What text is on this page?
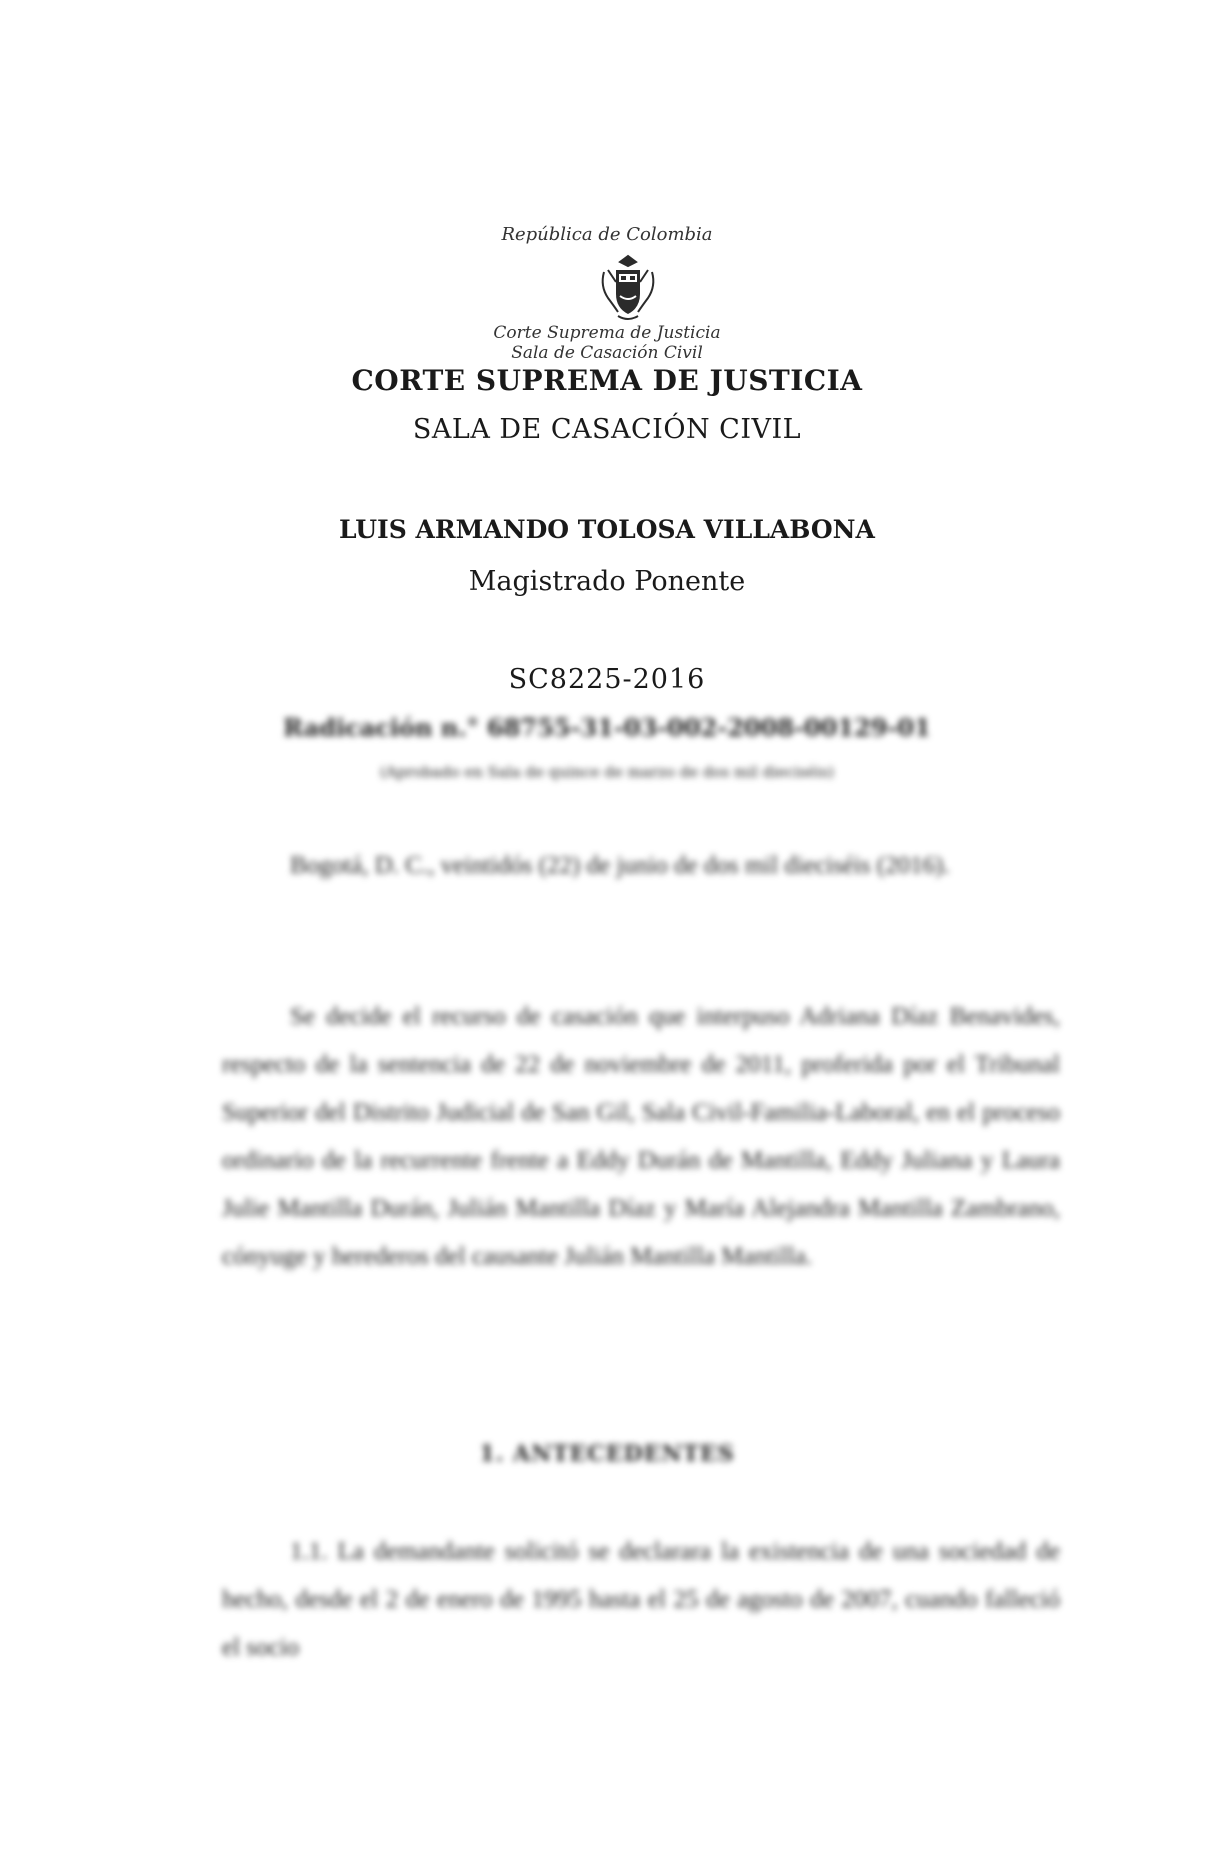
República de Colombia
Corte Suprema de Justicia
Sala de Casación Civil
CORTE SUPREMA DE JUSTICIA
SALA DE CASACIÓN CIVIL
LUIS ARMANDO TOLOSA VILLABONA
Magistrado Ponente
SC8225-2016
Radicación n.° 68755-31-03-002-2008-00129-01
(Aprobado en Sala de quince de marzo de dos mil dieciséis)

Bogotá, D. C., veintidós (22) de junio de dos mil dieciséis (2016).

Se decide el recurso de casación que interpuso Adriana Díaz Benavides, respecto de la sentencia de 22 de noviembre de 2011, proferida por el Tribunal Superior del Distrito Judicial de San Gil, Sala Civil-Familia-Laboral, en el proceso ordinario de la recurrente frente a Eddy Durán de Mantilla, Eddy Juliana y Laura Julie Mantilla Durán, Julián Mantilla Díaz y María Alejandra Mantilla Zambrano, cónyuge y herederos del causante Julián Mantilla Mantilla.

1. ANTECEDENTES

1.1. La demandante solicitó se declarara la existencia de una sociedad de hecho, desde el 2 de enero de 1995 hasta el 25 de agosto de 2007, cuando falleció el socio
